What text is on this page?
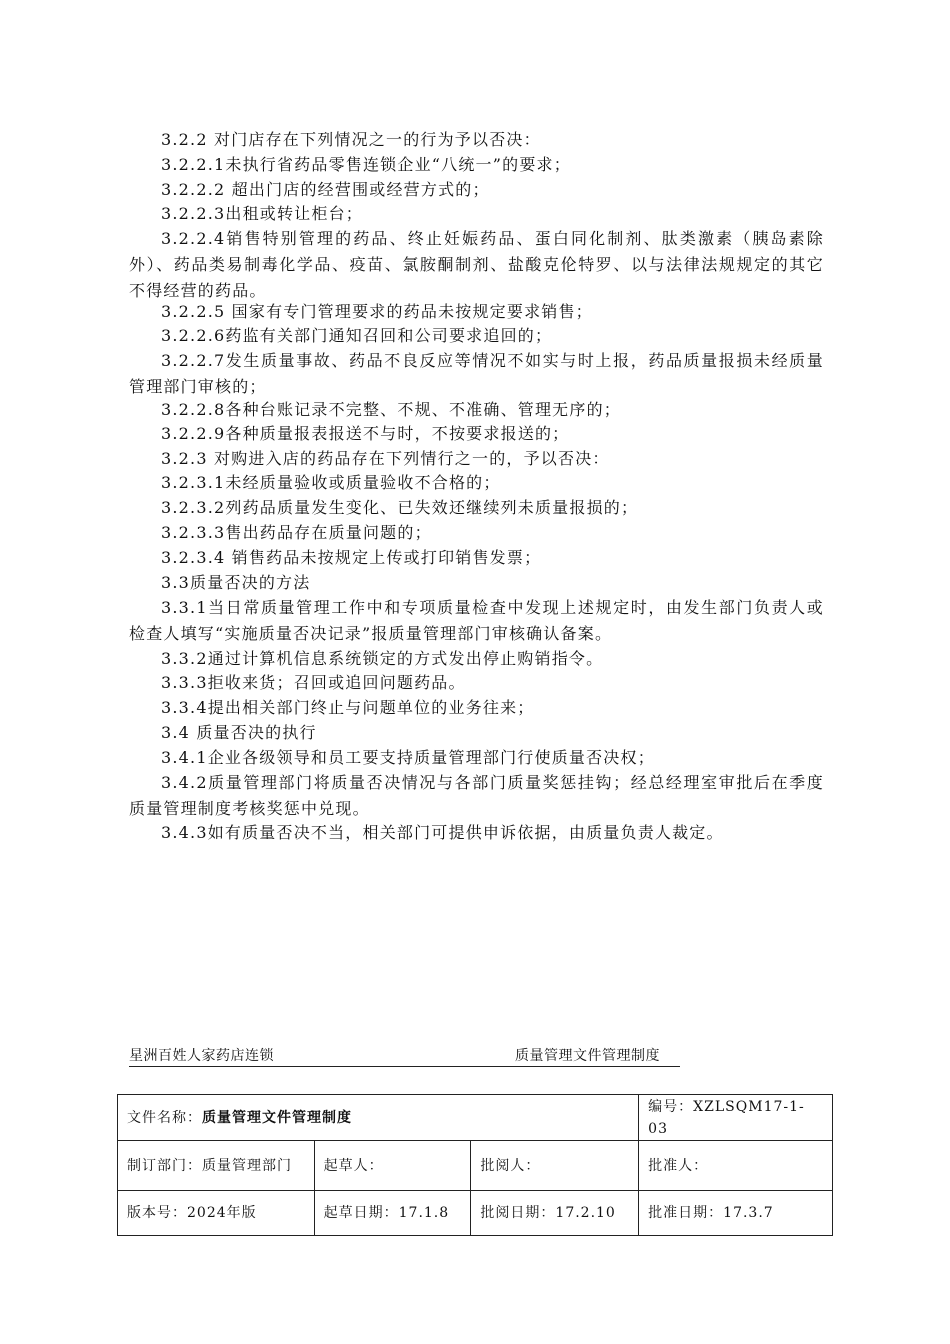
3.2.2 对门店存在下列情况之一的行为予以否决：

3.2.2.1未执行省药品零售连锁企业“八统一”的要求；

3.2.2.2 超出门店的经营围或经营方式的；

3.2.2.3出租或转让柜台；

3.2.2.4销售特别管理的药品、终止妊娠药品、蛋白同化制剂、肽类激素（胰岛素除外）、药品类易制毒化学品、疫苗、氯胺酮制剂、盐酸克伦特罗、以与法律法规规定的其它不得经营的药品。

3.2.2.5 国家有专门管理要求的药品未按规定要求销售；

3.2.2.6药监有关部门通知召回和公司要求追回的；

3.2.2.7发生质量事故、药品不良反应等情况不如实与时上报，药品质量报损未经质量管理部门审核的；

3.2.2.8各种台账记录不完整、不规、不准确、管理无序的；

3.2.2.9各种质量报表报送不与时，不按要求报送的；

3.2.3 对购进入店的药品存在下列情行之一的，予以否决：

3.2.3.1未经质量验收或质量验收不合格的；

3.2.3.2列药品质量发生变化、已失效还继续列未质量报损的；

3.2.3.3售出药品存在质量问题的；

3.2.3.4 销售药品未按规定上传或打印销售发票；

3.3质量否决的方法

3.3.1当日常质量管理工作中和专项质量检查中发现上述规定时，由发生部门负责人或检查人填写“实施质量否决记录”报质量管理部门审核确认备案。

3.3.2通过计算机信息系统锁定的方式发出停止购销指令。

3.3.3拒收来货；召回或追回问题药品。

3.3.4提出相关部门终止与问题单位的业务往来；

3.4 质量否决的执行

3.4.1企业各级领导和员工要支持质量管理部门行使质量否决权；

3.4.2质量管理部门将质量否决情况与各部门质量奖惩挂钩；经总经理室审批后在季度质量管理制度考核奖惩中兑现。

3.4.3如有质量否决不当，相关部门可提供申诉依据，由质量负责人裁定。

星洲百姓人家药店连锁	质量管理文件管理制度
文件名称：质量管理文件管理制度			编号：XZLSQM17-1-03
制订部门：质量管理部门	起草人：	批阅人：	批准人：
版本号：2024年版	起草日期：17.1.8	批阅日期：17.2.10	批准日期：17.3.7
